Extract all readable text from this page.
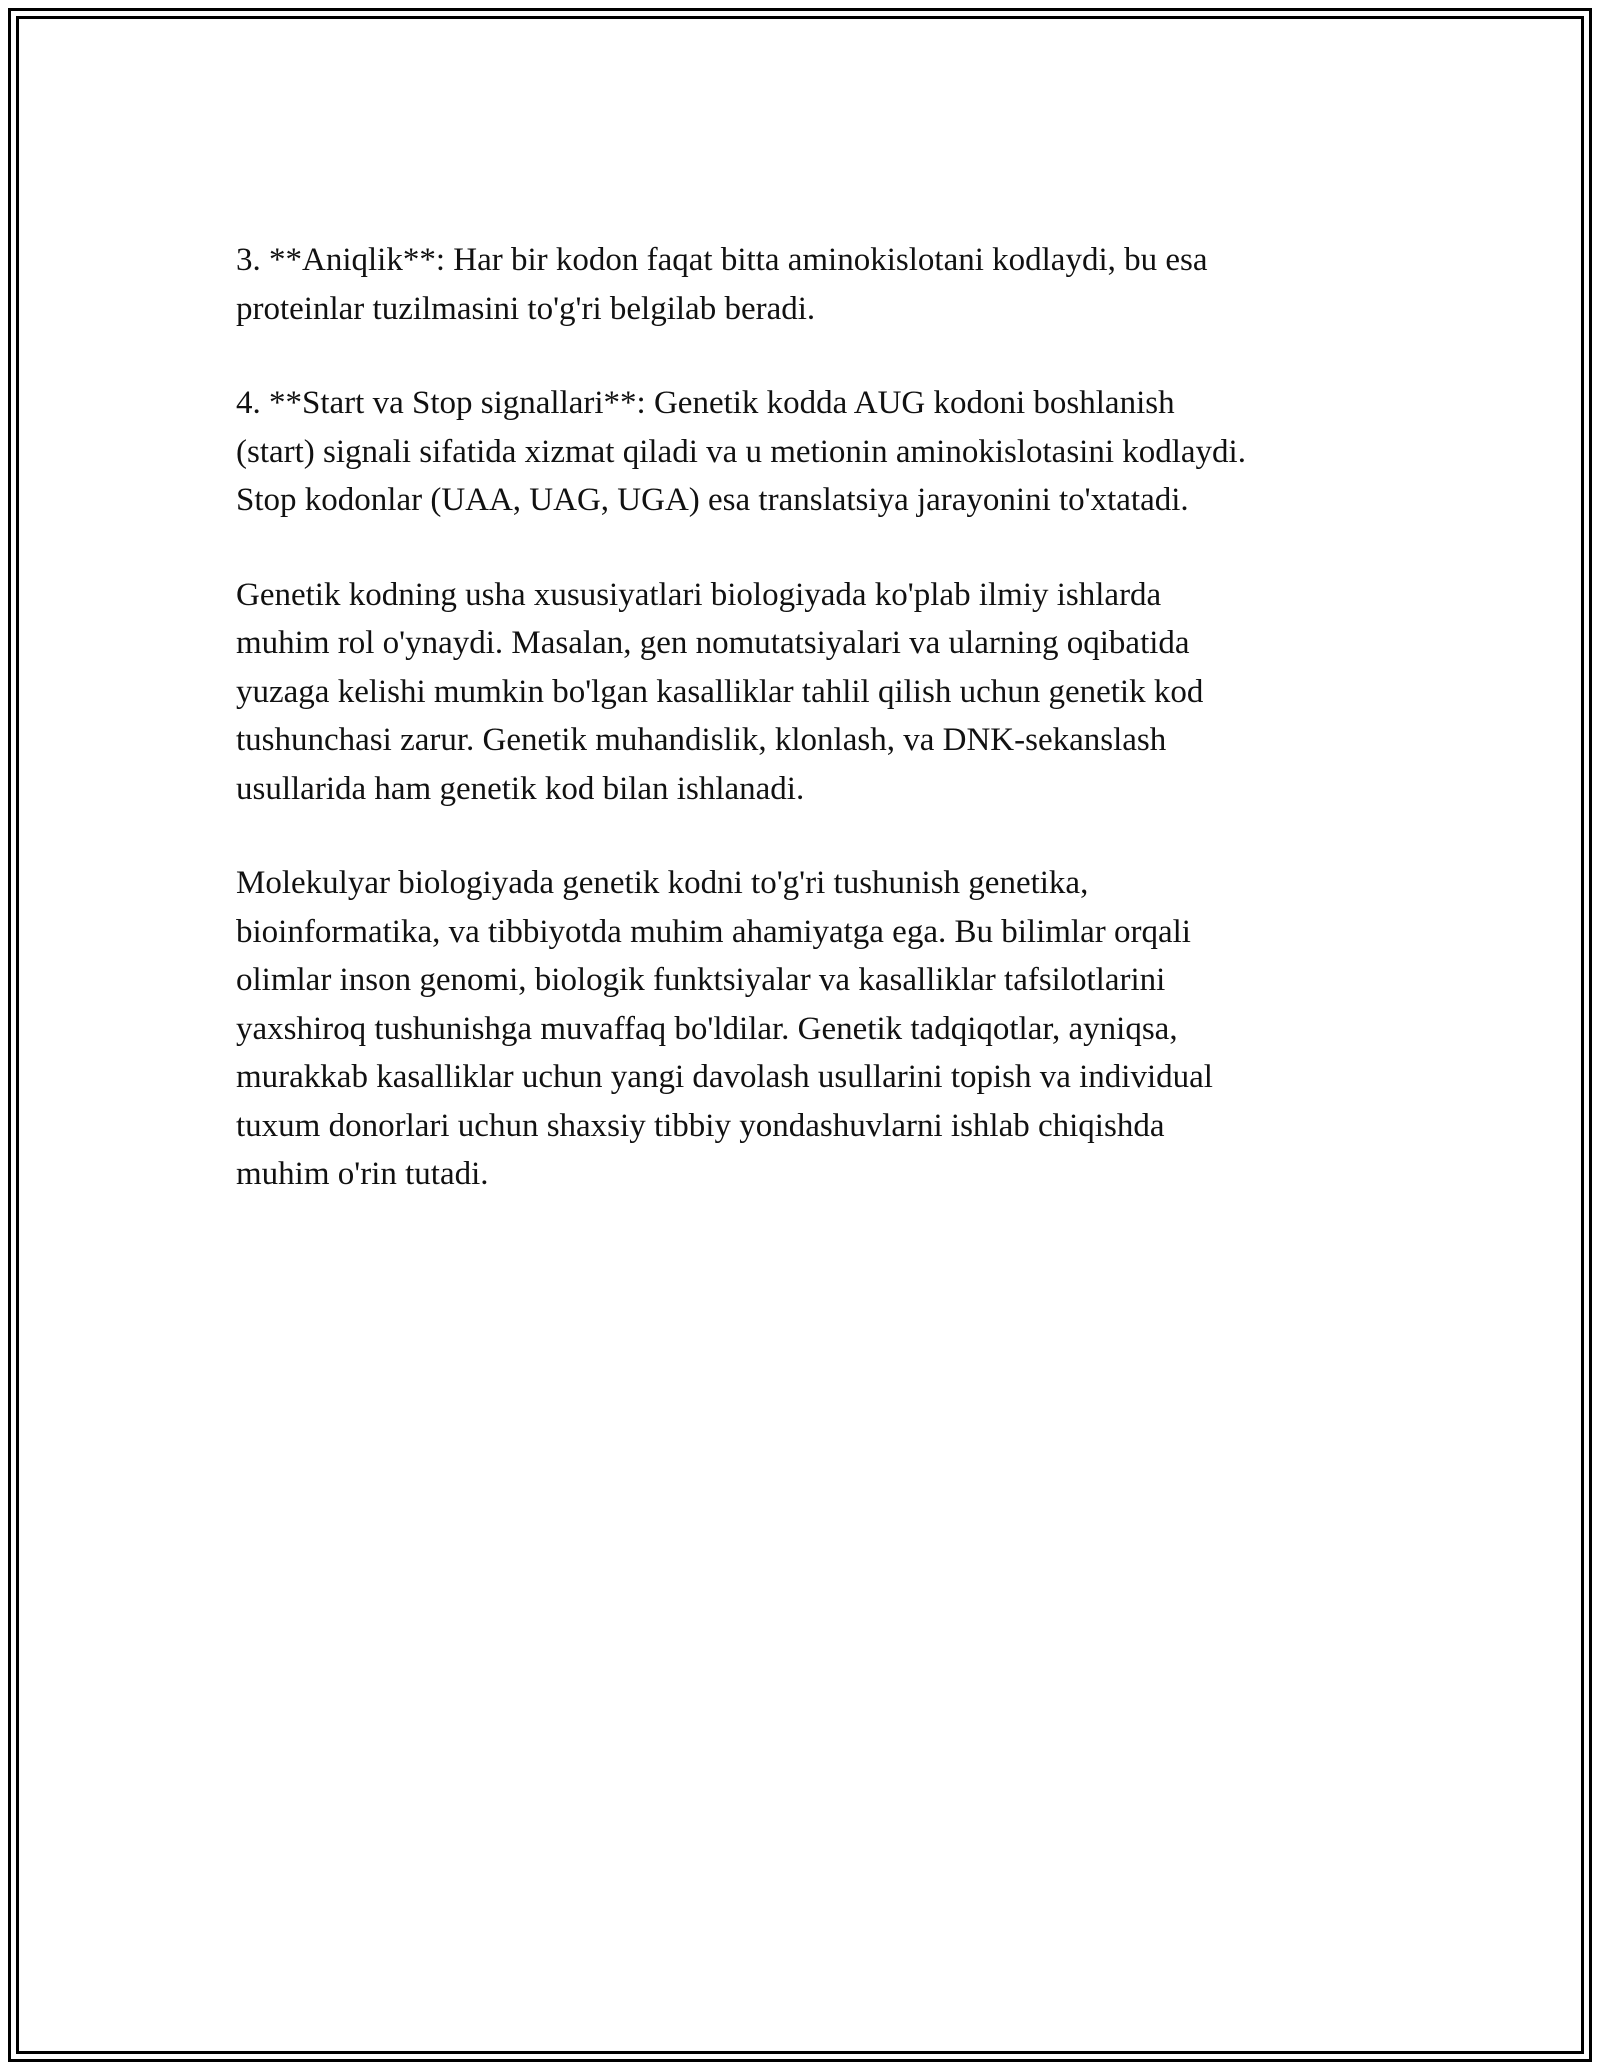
3. **Aniqlik**: Har bir kodon faqat bitta aminokislotani kodlaydi, bu esa
proteinlar tuzilmasini to'g'ri belgilab beradi.

4. **Start va Stop signallari**: Genetik kodda AUG kodoni boshlanish
(start) signali sifatida xizmat qiladi va u metionin aminokislotasini kodlaydi.
Stop kodonlar (UAA, UAG, UGA) esa translatsiya jarayonini to'xtatadi.

Genetik kodning usha xususiyatlari biologiyada ko'plab ilmiy ishlarda
muhim rol o'ynaydi. Masalan, gen nomutatsiyalari va ularning oqibatida
yuzaga kelishi mumkin bo'lgan kasalliklar tahlil qilish uchun genetik kod
tushunchasi zarur. Genetik muhandislik, klonlash, va DNK-sekanslash
usullarida ham genetik kod bilan ishlanadi.

Molekulyar biologiyada genetik kodni to'g'ri tushunish genetika,
bioinformatika, va tibbiyotda muhim ahamiyatga ega. Bu bilimlar orqali
olimlar inson genomi, biologik funktsiyalar va kasalliklar tafsilotlarini
yaxshiroq tushunishga muvaffaq bo'ldilar. Genetik tadqiqotlar, ayniqsa,
murakkab kasalliklar uchun yangi davolash usullarini topish va individual
tuxum donorlari uchun shaxsiy tibbiy yondashuvlarni ishlab chiqishda
muhim o'rin tutadi.
